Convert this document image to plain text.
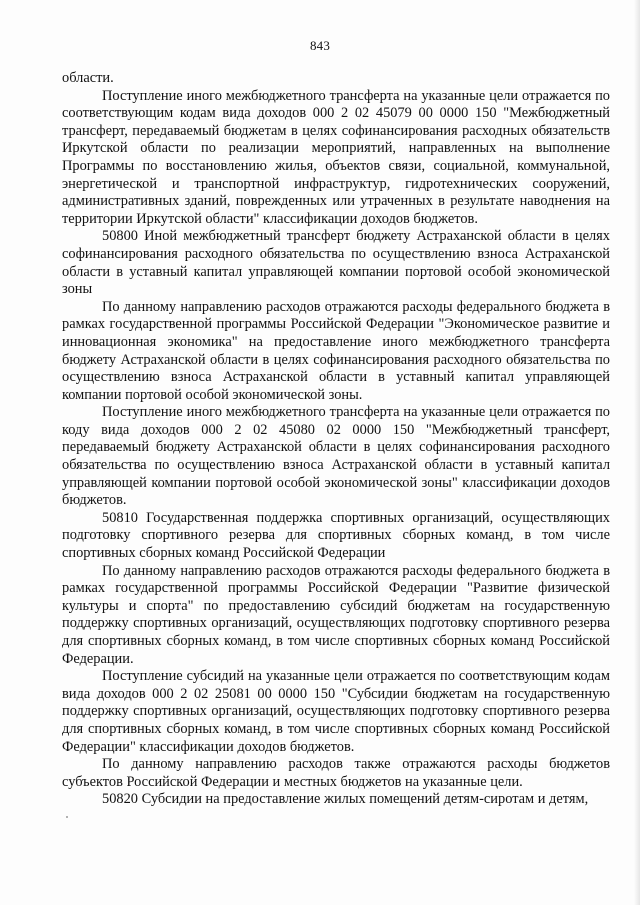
843

области.

Поступление иного межбюджетного трансферта на указанные цели отражается по соответствующим кодам вида доходов 000 2 02 45079 00 0000 150 "Межбюджетный трансферт, передаваемый бюджетам в целях софинансирования расходных обязательств Иркутской области по реализации мероприятий, направленных на выполнение Программы по восстановлению жилья, объектов связи, социальной, коммунальной, энергетической и транспортной инфраструктур, гидротехнических сооружений, административных зданий, поврежденных или утраченных в результате наводнения на территории Иркутской области" классификации доходов бюджетов.

50800 Иной межбюджетный трансферт бюджету Астраханской области в целях софинансирования расходного обязательства по осуществлению взноса Астраханской области в уставный капитал управляющей компании портовой особой экономической зоны

По данному направлению расходов отражаются расходы федерального бюджета в рамках государственной программы Российской Федерации "Экономическое развитие и инновационная экономика" на предоставление иного межбюджетного трансферта бюджету Астраханской области в целях софинансирования расходного обязательства по осуществлению взноса Астраханской области в уставный капитал управляющей компании портовой особой экономической зоны.

Поступление иного межбюджетного трансферта на указанные цели отражается по коду вида доходов 000 2 02 45080 02 0000 150 "Межбюджетный трансферт, передаваемый бюджету Астраханской области в целях софинансирования расходного обязательства по осуществлению взноса Астраханской области в уставный капитал управляющей компании портовой особой экономической зоны" классификации доходов бюджетов.

50810 Государственная поддержка спортивных организаций, осуществляющих подготовку спортивного резерва для спортивных сборных команд, в том числе спортивных сборных команд Российской Федерации

По данному направлению расходов отражаются расходы федерального бюджета в рамках государственной программы Российской Федерации "Развитие физической культуры и спорта" по предоставлению субсидий бюджетам на государственную поддержку спортивных организаций, осуществляющих подготовку спортивного резерва для спортивных сборных команд, в том числе спортивных сборных команд Российской Федерации.

Поступление субсидий на указанные цели отражается по соответствующим кодам вида доходов 000 2 02 25081 00 0000 150 "Субсидии бюджетам на государственную поддержку спортивных организаций, осуществляющих подготовку спортивного резерва для спортивных сборных команд, в том числе спортивных сборных команд Российской Федерации" классификации доходов бюджетов.

По данному направлению расходов также отражаются расходы бюджетов субъектов Российской Федерации и местных бюджетов на указанные цели.

50820 Субсидии на предоставление жилых помещений детям-сиротам и детям,
